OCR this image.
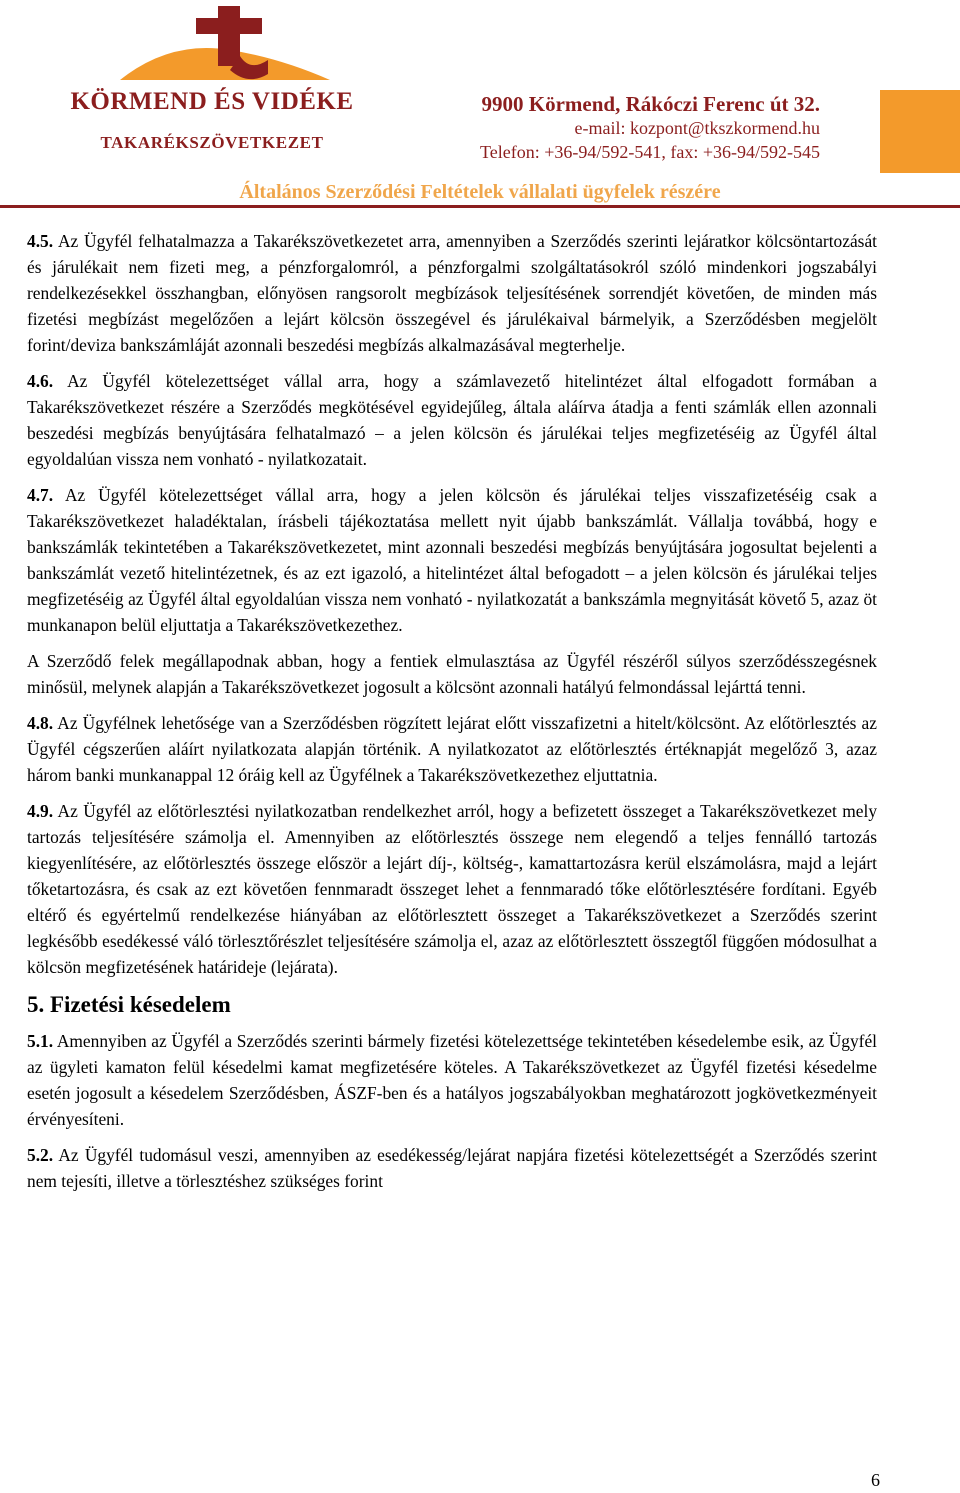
KÖRMEND ÉS VIDÉKE
TAKARÉKSZÖVETKEZET
9900 Körmend, Rákóczi Ferenc út 32.
e-mail: kozpont@tkszkormend.hu
Telefon: +36-94/592-541, fax: +36-94/592-545
Általános Szerződési Feltételek vállalati ügyfelek részére

4.5. Az Ügyfél felhatalmazza a Takarékszövetkezetet arra, amennyiben a Szerződés szerinti lejáratkor kölcsöntartozását és járulékait nem fizeti meg, a pénzforgalomról, a pénzforgalmi szolgáltatásokról szóló mindenkori jogszabályi rendelkezésekkel összhangban, előnyösen rangsorolt megbízások teljesítésének sorrendjét követően, de minden más fizetési megbízást megelőzően a lejárt kölcsön összegével és járulékaival bármelyik, a Szerződésben megjelölt forint/deviza bankszámláját azonnali beszedési megbízás alkalmazásával megterhelje.

4.6. Az Ügyfél kötelezettséget vállal arra, hogy a számlavezető hitelintézet által elfogadott formában a Takarékszövetkezet részére a Szerződés megkötésével egyidejűleg, általa aláírva átadja a fenti számlák ellen azonnali beszedési megbízás benyújtására felhatalmazó – a jelen kölcsön és járulékai teljes megfizetéséig az Ügyfél által egyoldalúan vissza nem vonható - nyilatkozatait.

4.7. Az Ügyfél kötelezettséget vállal arra, hogy a jelen kölcsön és járulékai teljes visszafizetéséig csak a Takarékszövetkezet haladéktalan, írásbeli tájékoztatása mellett nyit újabb bankszámlát. Vállalja továbbá, hogy e bankszámlák tekintetében a Takarékszövetkezetet, mint azonnali beszedési megbízás benyújtására jogosultat bejelenti a bankszámlát vezető hitelintézetnek, és az ezt igazoló, a hitelintézet által befogadott – a jelen kölcsön és járulékai teljes megfizetéséig az Ügyfél által egyoldalúan vissza nem vonható - nyilatkozatát a bankszámla megnyitását követő 5, azaz öt munkanapon belül eljuttatja a Takarékszövetkezethez.

A Szerződő felek megállapodnak abban, hogy a fentiek elmulasztása az Ügyfél részéről súlyos szerződésszegésnek minősül, melynek alapján a Takarékszövetkezet jogosult a kölcsönt azonnali hatályú felmondással lejárttá tenni.

4.8. Az Ügyfélnek lehetősége van a Szerződésben rögzített lejárat előtt visszafizetni a hitelt/kölcsönt. Az előtörlesztés az Ügyfél cégszerűen aláírt nyilatkozata alapján történik. A nyilatkozatot az előtörlesztés értéknapját megelőző 3, azaz három banki munkanappal 12 óráig kell az Ügyfélnek a Takarékszövetkezethez eljuttatnia.

4.9. Az Ügyfél az előtörlesztési nyilatkozatban rendelkezhet arról, hogy a befizetett összeget a Takarékszövetkezet mely tartozás teljesítésére számolja el. Amennyiben az előtörlesztés összege nem elegendő a teljes fennálló tartozás kiegyenlítésére, az előtörlesztés összege először a lejárt díj-, költség-, kamattartozásra kerül elszámolásra, majd a lejárt tőketartozásra, és csak az ezt követően fennmaradt összeget lehet a fennmaradó tőke előtörlesztésére fordítani. Egyéb eltérő és egyértelmű rendelkezése hiányában az előtörlesztett összeget a Takarékszövetkezet a Szerződés szerint legkésőbb esedékessé váló törlesztőrészlet teljesítésére számolja el, azaz az előtörlesztett összegtől függően módosulhat a kölcsön megfizetésének határideje (lejárata).

5. Fizetési késedelem

5.1. Amennyiben az Ügyfél a Szerződés szerinti bármely fizetési kötelezettsége tekintetében késedelembe esik, az Ügyfél az ügyleti kamaton felül késedelmi kamat megfizetésére köteles. A Takarékszövetkezet az Ügyfél fizetési késedelme esetén jogosult a késedelem Szerződésben, ÁSZF-ben és a hatályos jogszabályokban meghatározott jogkövetkezményeit érvényesíteni.

5.2. Az Ügyfél tudomásul veszi, amennyiben az esedékesség/lejárat napjára fizetési kötelezettségét a Szerződés szerint nem tejesíti, illetve a törlesztéshez szükséges forint

6
